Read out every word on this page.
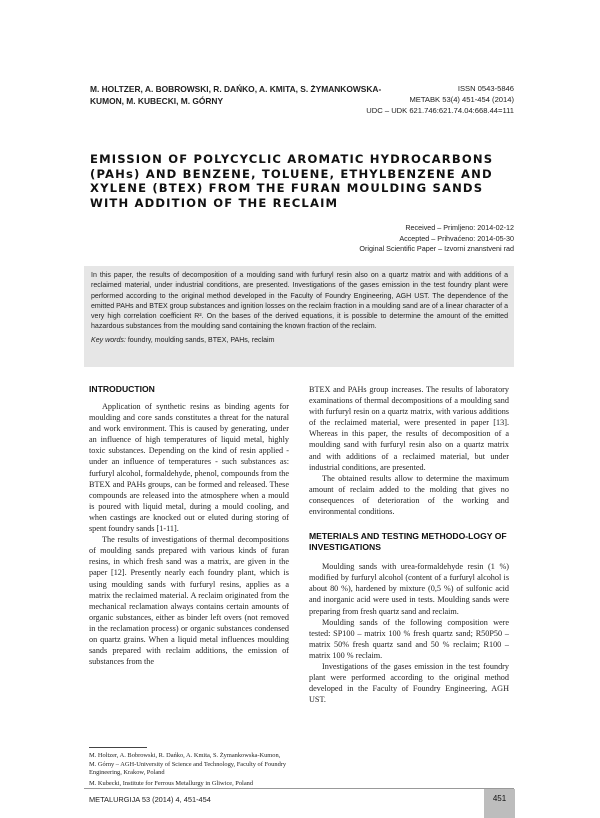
M. HOLTZER, A. BOBROWSKI, R. DAŃKO, A. KMITA, S. ŻYMANKOWSKA-KUMON, M. KUBECKI, M. GÓRNY
ISSN 0543-5846
METABK 53(4) 451-454 (2014)
UDC – UDK 621.746:621.74.04:668.44=111
EMISSION OF POLYCYCLIC AROMATIC HYDROCARBONS (PAHs) AND BENZENE, TOLUENE, ETHYLBENZENE AND XYLENE (BTEX) FROM THE FURAN MOULDING SANDS WITH ADDITION OF THE RECLAIM
Received – Primljeno: 2014-02-12
Accepted – Prihvaćeno: 2014-05-30
Original Scientific Paper – Izvorni znanstveni rad

In this paper, the results of decomposition of a moulding sand with furfuryl resin also on a quartz matrix and with additions of a reclaimed material, under industrial conditions, are presented. Investigations of the gases emission in the test foundry plant were performed according to the original method developed in the Faculty of Foundry Engineering, AGH UST. The dependence of the emitted PAHs and BTEX group substances and ignition losses on the reclaim fraction in a moulding sand are of a linear character of a very high correlation coefficient R². On the bases of the derived equations, it is possible to determine the amount of the emitted hazardous substances from the moulding sand containing the known fraction of the reclaim.

Key words: foundry, moulding sands, BTEX, PAHs, reclaim

INTRODUCTION

Application of synthetic resins as binding agents for moulding and core sands constitutes a threat for the natural and work environment. This is caused by generating, under an influence of high temperatures of liquid metal, highly toxic substances. Depending on the kind of resin applied - under an influence of temperatures - such substances as: furfuryl alcohol, formaldehyde, phenol, compounds from the BTEX and PAHs groups, can be formed and released. These compounds are released into the atmosphere when a mould is poured with liquid metal, during a mould cooling, and when castings are knocked out or eluted during storing of spent foundry sands [1-11].

The results of investigations of thermal decompositions of moulding sands prepared with various kinds of furan resins, in which fresh sand was a matrix, are given in the paper [12]. Presently nearly each foundry plant, which is using moulding sands with furfuryl resins, applies as a matrix the reclaimed material. A reclaim originated from the mechanical reclamation always contains certain amounts of organic substances, either as binder left overs (not removed in the reclamation process) or organic substances condensed on quartz grains. When a liquid metal influences moulding sands prepared with reclaim additions, the emission of substances from the

BTEX and PAHs group increases. The results of laboratory examinations of thermal decompositions of a moulding sand with furfuryl resin on a quartz matrix, with various additions of the reclaimed material, were presented in paper [13]. Whereas in this paper, the results of decomposition of a moulding sand with furfuryl resin also on a quartz matrix and with additions of a reclaimed material, but under industrial conditions, are presented.

The obtained results allow to determine the maximum amount of reclaim added to the molding that gives no consequences of deterioration of the working and environmental conditions.

METERIALS AND TESTING METHODO-LOGY OF INVESTIGATIONS

Moulding sands with urea-formaldehyde resin (1 %) modified by furfuryl alcohol (content of a furfuryl alcohol is about 80 %), hardened by mixture (0,5 %) of sulfonic acid and inorganic acid were used in tests. Moulding sands were preparing from fresh quartz sand and reclaim.

Moulding sands of the following composition were tested: SP100 – matrix 100 % fresh quartz sand; R50P50 – matrix 50% fresh quartz sand and 50 % reclaim; R100 – matrix 100 % reclaim.

Investigations of the gases emission in the test foundry plant were performed according to the original method developed in the Faculty of Foundry Engineering, AGH UST.

M. Holtzer, A. Bobrowski, R. Dańko, A. Kmita, S. Żymankowska-Kumon, M. Górny – AGH-University of Science and Technology, Faculty of Foundry Engineering, Krakow, Poland

M. Kubecki, Institute for Ferrous Metallurgy in Gliwice, Poland

METALURGIJA 53 (2014) 4, 451-454	451
